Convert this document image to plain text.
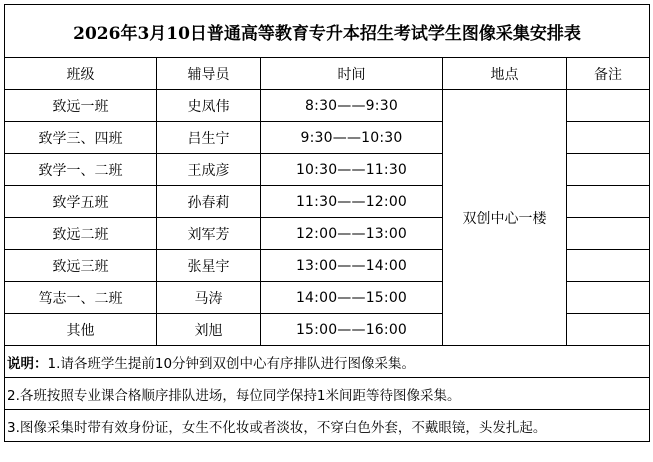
2026年3月10日普通高等教育专升本招生考试学生图像采集安排表				
班级	辅导员	时间	地点	备注
致远一班	史凤伟	8:30——9:30	双创中心一楼	
致学三、四班	吕生宁	9:30——10:30		
致学一、二班	王成彦	10:30——11:30		
致学五班	孙春莉	11:30——12:00		
致远二班	刘军芳	12:00——13:00		
致远三班	张星宇	13:00——14:00		
笃志一、二班	马涛	14:00——15:00		
其他	刘旭	15:00——16:00		
说明：1.请各班学生提前10分钟到双创中心有序排队进行图像采集。				
2.各班按照专业课合格顺序排队进场，每位同学保持1米间距等待图像采集。				
3.图像采集时带有效身份证，女生不化妆或者淡妆，不穿白色外套，不戴眼镜，头发扎起。				
